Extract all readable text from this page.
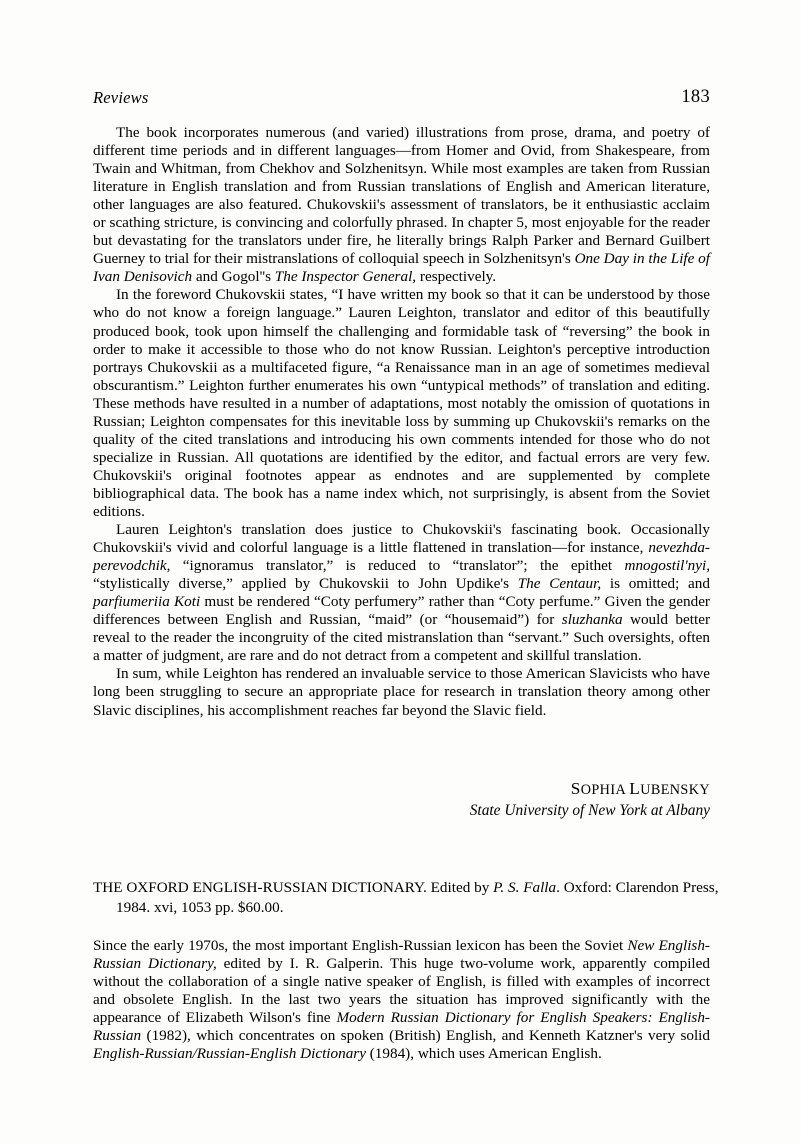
Reviews	183

The book incorporates numerous (and varied) illustrations from prose, drama, and poetry of different time periods and in different languages—from Homer and Ovid, from Shakespeare, from Twain and Whitman, from Chekhov and Solzhenitsyn. While most examples are taken from Russian literature in English translation and from Russian translations of English and American literature, other languages are also featured. Chukovskii's assessment of translators, be it enthusiastic acclaim or scathing stricture, is convincing and colorfully phrased. In chapter 5, most enjoyable for the reader but devastating for the translators under fire, he literally brings Ralph Parker and Bernard Guilbert Guerney to trial for their mistranslations of colloquial speech in Solzhenitsyn's One Day in the Life of Ivan Denisovich and Gogol''s The Inspector General, respectively.

In the foreword Chukovskii states, “I have written my book so that it can be understood by those who do not know a foreign language.” Lauren Leighton, translator and editor of this beautifully produced book, took upon himself the challenging and formidable task of “reversing” the book in order to make it accessible to those who do not know Russian. Leighton's perceptive introduction portrays Chukovskii as a multifaceted figure, “a Renaissance man in an age of sometimes medieval obscurantism.” Leighton further enumerates his own “untypical methods” of translation and editing. These methods have resulted in a number of adaptations, most notably the omission of quotations in Russian; Leighton compensates for this inevitable loss by summing up Chukovskii's remarks on the quality of the cited translations and introducing his own comments intended for those who do not specialize in Russian. All quotations are identified by the editor, and factual errors are very few. Chukovskii's original footnotes appear as endnotes and are supplemented by complete bibliographical data. The book has a name index which, not surprisingly, is absent from the Soviet editions.

Lauren Leighton's translation does justice to Chukovskii's fascinating book. Occasionally Chukovskii's vivid and colorful language is a little flattened in translation—for instance, nevezhda-perevodchik, “ignoramus translator,” is reduced to “translator”; the epithet mnogostil'nyi, “stylistically diverse,” applied by Chukovskii to John Updike's The Centaur, is omitted; and parfiumeriia Koti must be rendered “Coty perfumery” rather than “Coty perfume.” Given the gender differences between English and Russian, “maid” (or “housemaid”) for sluzhanka would better reveal to the reader the incongruity of the cited mistranslation than “servant.” Such oversights, often a matter of judgment, are rare and do not detract from a competent and skillful translation.

In sum, while Leighton has rendered an invaluable service to those American Slavicists who have long been struggling to secure an appropriate place for research in translation theory among other Slavic disciplines, his accomplishment reaches far beyond the Slavic field.

SOPHIA LUBENSKY
State University of New York at Albany
THE OXFORD ENGLISH-RUSSIAN DICTIONARY. Edited by P. S. Falla. Oxford: Clarendon Press, 1984. xvi, 1053 pp. $60.00.

Since the early 1970s, the most important English-Russian lexicon has been the Soviet New English-Russian Dictionary, edited by I. R. Galperin. This huge two-volume work, apparently compiled without the collaboration of a single native speaker of English, is filled with examples of incorrect and obsolete English. In the last two years the situation has improved significantly with the appearance of Elizabeth Wilson's fine Modern Russian Dictionary for English Speakers: English-Russian (1982), which concentrates on spoken (British) English, and Kenneth Katzner's very solid English-Russian/Russian-English Dictionary (1984), which uses American English.
